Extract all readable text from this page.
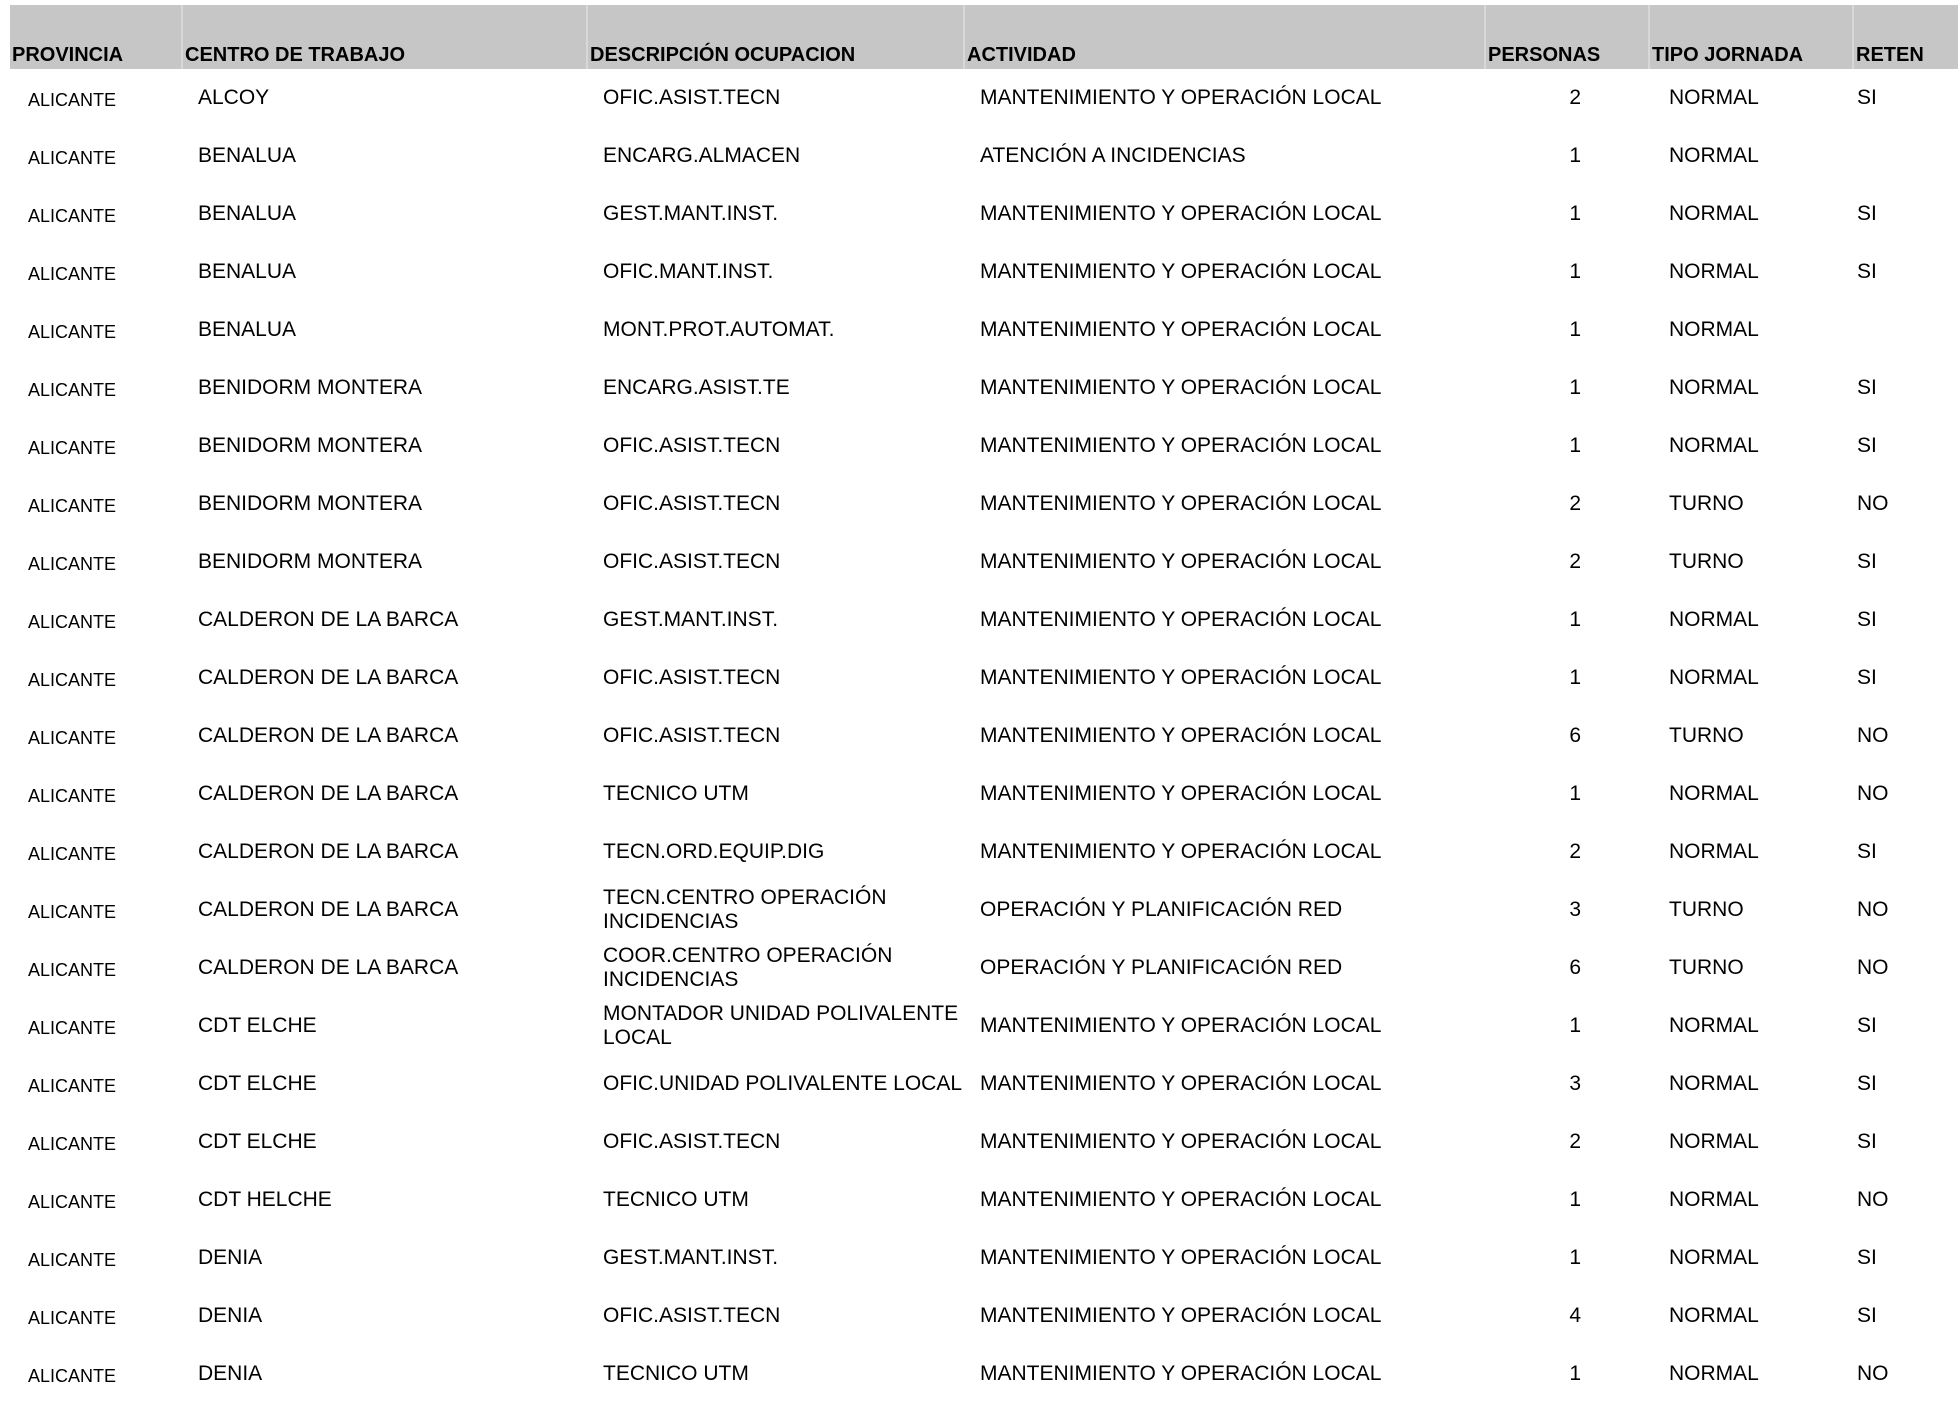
PROVINCIA	CENTRO DE TRABAJO	DESCRIPCIÓN OCUPACION	ACTIVIDAD	PERSONAS	TIPO JORNADA	RETEN
ALICANTE	ALCOY	OFIC.ASIST.TECN	MANTENIMIENTO Y OPERACIÓN LOCAL	2	NORMAL	SI
ALICANTE	BENALUA	ENCARG.ALMACEN	ATENCIÓN A INCIDENCIAS	1	NORMAL	
ALICANTE	BENALUA	GEST.MANT.INST.	MANTENIMIENTO Y OPERACIÓN LOCAL	1	NORMAL	SI
ALICANTE	BENALUA	OFIC.MANT.INST.	MANTENIMIENTO Y OPERACIÓN LOCAL	1	NORMAL	SI
ALICANTE	BENALUA	MONT.PROT.AUTOMAT.	MANTENIMIENTO Y OPERACIÓN LOCAL	1	NORMAL	
ALICANTE	BENIDORM MONTERA	ENCARG.ASIST.TE	MANTENIMIENTO Y OPERACIÓN LOCAL	1	NORMAL	SI
ALICANTE	BENIDORM MONTERA	OFIC.ASIST.TECN	MANTENIMIENTO Y OPERACIÓN LOCAL	1	NORMAL	SI
ALICANTE	BENIDORM MONTERA	OFIC.ASIST.TECN	MANTENIMIENTO Y OPERACIÓN LOCAL	2	TURNO	NO
ALICANTE	BENIDORM MONTERA	OFIC.ASIST.TECN	MANTENIMIENTO Y OPERACIÓN LOCAL	2	TURNO	SI
ALICANTE	CALDERON DE LA BARCA	GEST.MANT.INST.	MANTENIMIENTO Y OPERACIÓN LOCAL	1	NORMAL	SI
ALICANTE	CALDERON DE LA BARCA	OFIC.ASIST.TECN	MANTENIMIENTO Y OPERACIÓN LOCAL	1	NORMAL	SI
ALICANTE	CALDERON DE LA BARCA	OFIC.ASIST.TECN	MANTENIMIENTO Y OPERACIÓN LOCAL	6	TURNO	NO
ALICANTE	CALDERON DE LA BARCA	TECNICO UTM	MANTENIMIENTO Y OPERACIÓN LOCAL	1	NORMAL	NO
ALICANTE	CALDERON DE LA BARCA	TECN.ORD.EQUIP.DIG	MANTENIMIENTO Y OPERACIÓN LOCAL	2	NORMAL	SI
ALICANTE	CALDERON DE LA BARCA	TECN.CENTRO OPERACIÓN INCIDENCIAS	OPERACIÓN Y PLANIFICACIÓN RED	3	TURNO	NO
ALICANTE	CALDERON DE LA BARCA	COOR.CENTRO OPERACIÓN INCIDENCIAS	OPERACIÓN Y PLANIFICACIÓN RED	6	TURNO	NO
ALICANTE	CDT ELCHE	MONTADOR UNIDAD POLIVALENTE LOCAL	MANTENIMIENTO Y OPERACIÓN LOCAL	1	NORMAL	SI
ALICANTE	CDT ELCHE	OFIC.UNIDAD POLIVALENTE LOCAL	MANTENIMIENTO Y OPERACIÓN LOCAL	3	NORMAL	SI
ALICANTE	CDT ELCHE	OFIC.ASIST.TECN	MANTENIMIENTO Y OPERACIÓN LOCAL	2	NORMAL	SI
ALICANTE	CDT HELCHE	TECNICO UTM	MANTENIMIENTO Y OPERACIÓN LOCAL	1	NORMAL	NO
ALICANTE	DENIA	GEST.MANT.INST.	MANTENIMIENTO Y OPERACIÓN LOCAL	1	NORMAL	SI
ALICANTE	DENIA	OFIC.ASIST.TECN	MANTENIMIENTO Y OPERACIÓN LOCAL	4	NORMAL	SI
ALICANTE	DENIA	TECNICO UTM	MANTENIMIENTO Y OPERACIÓN LOCAL	1	NORMAL	NO
